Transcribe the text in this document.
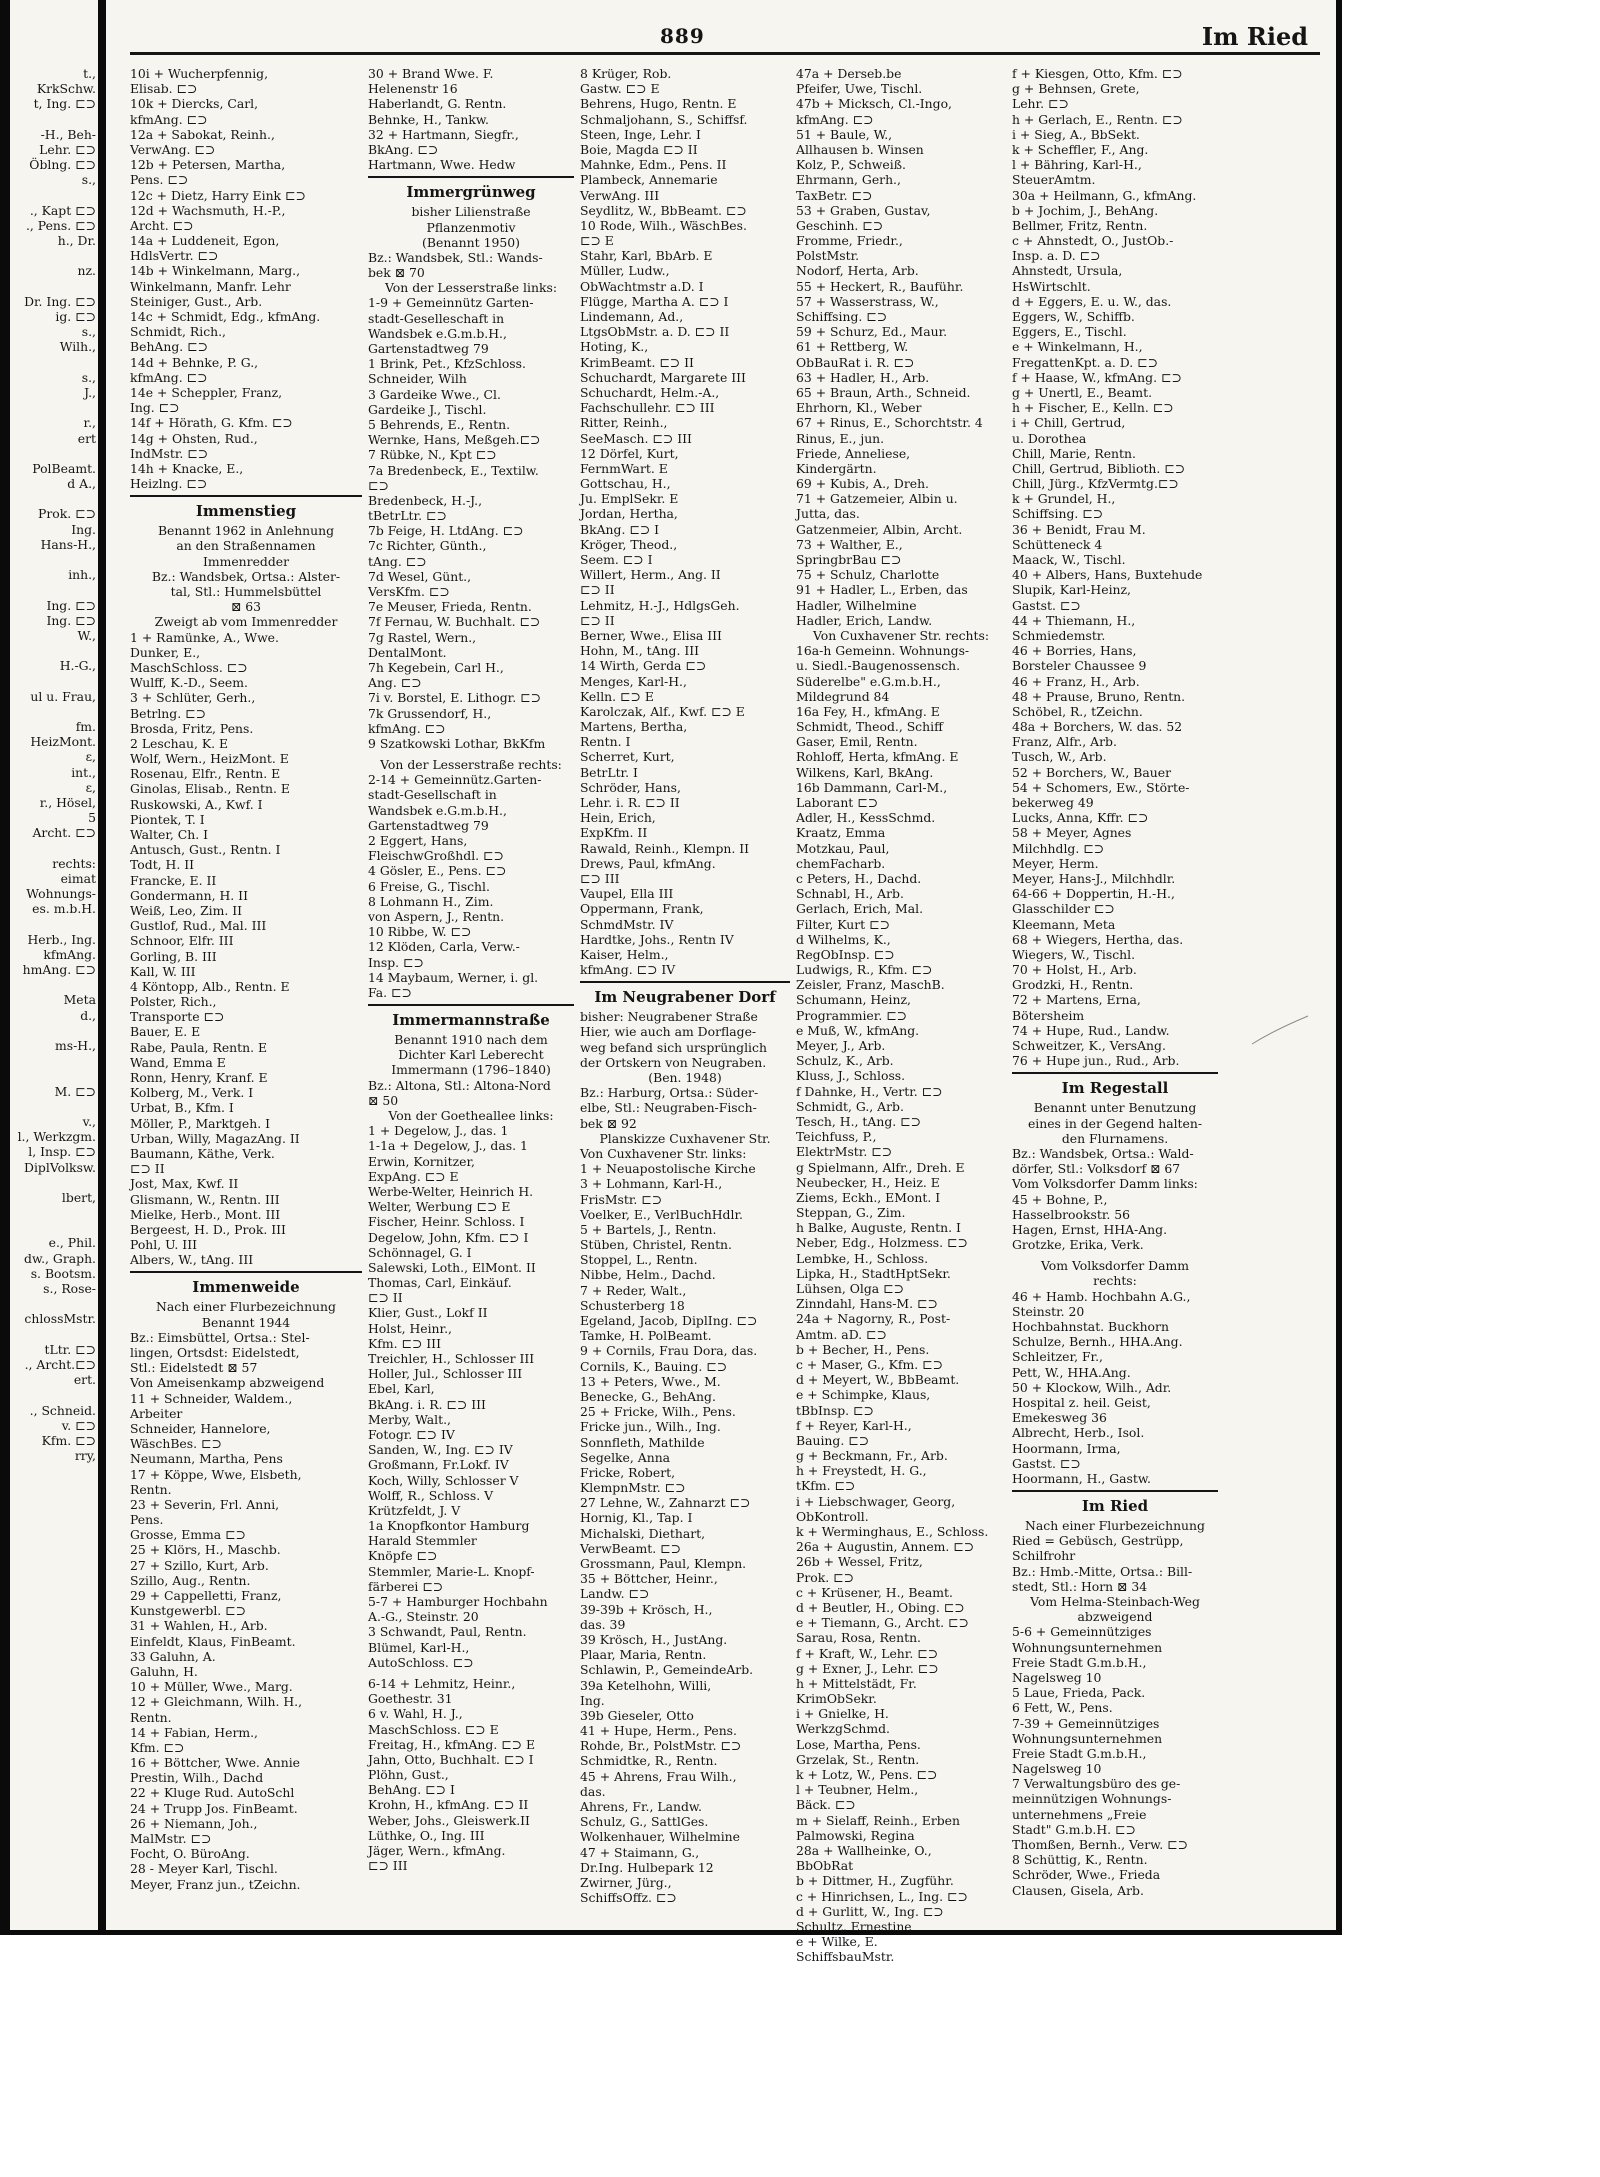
t.,
KrkSchw.
t, Ing. ⊏⊃
-H., Beh-
Lehr. ⊏⊃
Öblng. ⊏⊃
s.,
., Kapt ⊏⊃
., Pens. ⊏⊃
h., Dr.
nz.
Dr. Ing. ⊏⊃
ig. ⊏⊃
s.,
Wilh.,
s.,
J.,
r.,
ert
PolBeamt.
d A.,
Prok. ⊏⊃
Ing.
Hans-H.,
inh.,
Ing. ⊏⊃
Ing. ⊏⊃
W.,
H.-G.,
ul u. Frau,
fm.
HeizMont.
ɛ,
int.,
ɛ,
r., Hösel,
5
Archt. ⊏⊃
rechts:
eimat
Wohnungs-
es. m.b.H.
Herb., Ing.
kfmAng.
hmAng. ⊏⊃
Meta
d.,
ms-H.,
M. ⊏⊃
v.,
l., Werkzgm.
l, Insp. ⊏⊃
DiplVolksw.
lbert,
e., Phil.
dw., Graph.
s. Bootsm.
s., Rose-
chlossMstr.
tLtr. ⊏⊃
., Archt.⊏⊃
ert.
., Schneid.
v. ⊏⊃
Kfm. ⊏⊃
rry,
889	Im Ried
10i + Wucherpfennig,
Elisab. ⊏⊃
10k + Diercks, Carl,
kfmAng. ⊏⊃
12a + Sabokat, Reinh.,
VerwAng. ⊏⊃
12b + Petersen, Martha,
Pens. ⊏⊃
12c + Dietz, Harry Eink ⊏⊃
12d + Wachsmuth, H.-P.,
Archt. ⊏⊃
14a + Luddeneit, Egon,
HdlsVertr. ⊏⊃
14b + Winkelmann, Marg.,
Winkelmann, Manfr. Lehr
Steiniger, Gust., Arb.
14c + Schmidt, Edg., kfmAng.
Schmidt, Rich.,
BehAng. ⊏⊃
14d + Behnke, P. G.,
kfmAng. ⊏⊃
14e + Scheppler, Franz,
Ing. ⊏⊃
14f + Hörath, G. Kfm. ⊏⊃
14g + Ohsten, Rud.,
IndMstr. ⊏⊃
14h + Knacke, E.,
Heizlng. ⊏⊃
Immenstieg
Benannt 1962 in Anlehnung
an den Straßennamen
Immenredder
Bz.: Wandsbek, Ortsa.: Alster-
tal, Stl.: Hummelsbüttel
⊠ 63
Zweigt ab vom Immenredder
1 + Ramünke, A., Wwe.
Dunker, E.,
MaschSchloss. ⊏⊃
Wulff, K.-D., Seem.
3 + Schlüter, Gerh.,
Betrlng. ⊏⊃
Brosda, Fritz, Pens.
2 Leschau, K. E
Wolf, Wern., HeizMont. E
Rosenau, Elfr., Rentn. E
Ginolas, Elisab., Rentn. E
Ruskowski, A., Kwf. I
Piontek, T. I
Walter, Ch. I
Antusch, Gust., Rentn. I
Todt, H. II
Francke, E. II
Gondermann, H. II
Weiß, Leo, Zim. II
Gustlof, Rud., Mal. III
Schnoor, Elfr. III
Gorling, B. III
Kall, W. III
4 Köntopp, Alb., Rentn. E
Polster, Rich.,
Transporte ⊏⊃
Bauer, E. E
Rabe, Paula, Rentn. E
Wand, Emma E
Ronn, Henry, Kranf. E
Kolberg, M., Verk. I
Urbat, B., Kfm. I
Möller, P., Marktgeh. I
Urban, Willy, MagazAng. II
Baumann, Käthe, Verk.
⊏⊃ II
Jost, Max, Kwf. II
Glismann, W., Rentn. III
Mielke, Herb., Mont. III
Bergeest, H. D., Prok. III
Pohl, U. III
Albers, W., tAng. III
Immenweide
Nach einer Flurbezeichnung
Benannt 1944
Bz.: Eimsbüttel, Ortsa.: Stel-
lingen, Ortsdst: Eidelstedt,
Stl.: Eidelstedt ⊠ 57
Von Ameisenkamp abzweigend
11 + Schneider, Waldem.,
Arbeiter
Schneider, Hannelore,
WäschBes. ⊏⊃
Neumann, Martha, Pens
17 + Köppe, Wwe, Elsbeth,
Rentn.
23 + Severin, Frl. Anni,
Pens.
Grosse, Emma ⊏⊃
25 + Klörs, H., Maschb.
27 + Szillo, Kurt, Arb.
Szillo, Aug., Rentn.
29 + Cappelletti, Franz,
Kunstgewerbl. ⊏⊃
31 + Wahlen, H., Arb.
Einfeldt, Klaus, FinBeamt.
33 Galuhn, A.
Galuhn, H.
10 + Müller, Wwe., Marg.
12 + Gleichmann, Wilh. H.,
Rentn.
14 + Fabian, Herm.,
Kfm. ⊏⊃
16 + Böttcher, Wwe. Annie
Prestin, Wilh., Dachd
22 + Kluge Rud. AutoSchl
24 + Trupp Jos. FinBeamt.
26 + Niemann, Joh.,
MalMstr. ⊏⊃
Focht, O. BüroAng.
28 - Meyer Karl, Tischl.
Meyer, Franz jun., tZeichn.
30 + Brand Wwe. F.
Helenenstr 16
Haberlandt, G. Rentn.
Behnke, H., Tankw.
32 + Hartmann, Siegfr.,
BkAng. ⊏⊃
Hartmann, Wwe. Hedw
Immergrünweg
bisher Lilienstraße
Pflanzenmotiv
(Benannt 1950)
Bz.: Wandsbek, Stl.: Wands-
bek ⊠ 70
Von der Lesserstraße links:
1-9 + Gemeinnütz Garten-
stadt-Geselleschaft in
Wandsbek e.G.m.b.H.,
Gartenstadtweg 79
1 Brink, Pet., KfzSchloss.
Schneider, Wilh
3 Gardeike Wwe., Cl.
Gardeike J., Tischl.
5 Behrends, E., Rentn.
Wernke, Hans, Meßgeh.⊏⊃
7 Rübke, N., Kpt ⊏⊃
7a Bredenbeck, E., Textilw.
⊏⊃
Bredenbeck, H.-J.,
tBetrLtr. ⊏⊃
7b Feige, H. LtdAng. ⊏⊃
7c Richter, Günth.,
tAng. ⊏⊃
7d Wesel, Günt.,
VersKfm. ⊏⊃
7e Meuser, Frieda, Rentn.
7f Fernau, W. Buchhalt. ⊏⊃
7g Rastel, Wern.,
DentalMont.
7h Kegebein, Carl H.,
Ang. ⊏⊃
7i v. Borstel, E. Lithogr. ⊏⊃
7k Grussendorf, H.,
kfmAng. ⊏⊃
9 Szatkowski Lothar, BkKfm
Von der Lesserstraße rechts:
2-14 + Gemeinnütz.Garten-
stadt-Gesellschaft in
Wandsbek e.G.m.b.H.,
Gartenstadtweg 79
2 Eggert, Hans,
FleischwGroßhdl. ⊏⊃
4 Gösler, E., Pens. ⊏⊃
6 Freise, G., Tischl.
8 Lohmann H., Zim.
von Aspern, J., Rentn.
10 Ribbe, W. ⊏⊃
12 Klöden, Carla, Verw.-
Insp. ⊏⊃
14 Maybaum, Werner, i. gl.
Fa. ⊏⊃
Immermannstraße
Benannt 1910 nach dem
Dichter Karl Leberecht
Immermann (1796–1840)
Bz.: Altona, Stl.: Altona-Nord
⊠ 50
Von der Goetheallee links:
1 + Degelow, J., das. 1
1-1a + Degelow, J., das. 1
Erwin, Kornitzer,
ExpAng. ⊏⊃ E
Werbe-Welter, Heinrich H.
Welter, Werbung ⊏⊃ E
Fischer, Heinr. Schloss. I
Degelow, John, Kfm. ⊏⊃ I
Schönnagel, G. I
Salewski, Loth., ElMont. II
Thomas, Carl, Einkäuf.
⊏⊃ II
Klier, Gust., Lokf II
Holst, Heinr.,
Kfm. ⊏⊃ III
Treichler, H., Schlosser III
Holler, Jul., Schlosser III
Ebel, Karl,
BkAng. i. R. ⊏⊃ III
Merby, Walt.,
Fotogr. ⊏⊃ IV
Sanden, W., Ing. ⊏⊃ IV
Großmann, Fr.Lokf. IV
Koch, Willy, Schlosser V
Wolff, R., Schloss. V
Krützfeldt, J. V
1a Knopfkontor Hamburg
Harald Stemmler
Knöpfe ⊏⊃
Stemmler, Marie-L. Knopf-
färberei ⊏⊃
5-7 + Hamburger Hochbahn
A.-G., Steinstr. 20
3 Schwandt, Paul, Rentn.
Blümel, Karl-H.,
AutoSchloss. ⊏⊃
6-14 + Lehmitz, Heinr.,
Goethestr. 31
6 v. Wahl, H. J.,
MaschSchloss. ⊏⊃ E
Freitag, H., kfmAng. ⊏⊃ E
Jahn, Otto, Buchhalt. ⊏⊃ I
Plöhn, Gust.,
BehAng. ⊏⊃ I
Krohn, H., kfmAng. ⊏⊃ II
Weber, Johs., Gleiswerk.II
Lüthke, O., Ing. III
Jäger, Wern., kfmAng.
⊏⊃ III
8 Krüger, Rob.
Gastw. ⊏⊃ E
Behrens, Hugo, Rentn. E
Schmaljohann, S., Schiffsf.
Steen, Inge, Lehr. I
Boie, Magda ⊏⊃ II
Mahnke, Edm., Pens. II
Plambeck, Annemarie
VerwAng. III
Seydlitz, W., BbBeamt. ⊏⊃
10 Rode, Wilh., WäschBes.
⊏⊃ E
Stahr, Karl, BbArb. E
Müller, Ludw.,
ObWachtmstr a.D. I
Flügge, Martha A. ⊏⊃ I
Lindemann, Ad.,
LtgsObMstr. a. D. ⊏⊃ II
Hoting, K.,
KrimBeamt. ⊏⊃ II
Schuchardt, Margarete III
Schuchardt, Helm.-A.,
Fachschullehr. ⊏⊃ III
Ritter, Reinh.,
SeeMasch. ⊏⊃ III
12 Dörfel, Kurt,
FernmWart. E
Gottschau, H.,
Ju. EmplSekr. E
Jordan, Hertha,
BkAng. ⊏⊃ I
Kröger, Theod.,
Seem. ⊏⊃ I
Willert, Herm., Ang. II
⊏⊃ II
Lehmitz, H.-J., HdlgsGeh.
⊏⊃ II
Berner, Wwe., Elisa III
Hohn, M., tAng. III
14 Wirth, Gerda ⊏⊃
Menges, Karl-H.,
Kelln. ⊏⊃ E
Karolczak, Alf., Kwf. ⊏⊃ E
Martens, Bertha,
Rentn. I
Scherret, Kurt,
BetrLtr. I
Schröder, Hans,
Lehr. i. R. ⊏⊃ II
Hein, Erich,
ExpKfm. II
Rawald, Reinh., Klempn. II
Drews, Paul, kfmAng.
⊏⊃ III
Vaupel, Ella III
Oppermann, Frank,
SchmdMstr. IV
Hardtke, Johs., Rentn IV
Kaiser, Helm.,
kfmAng. ⊏⊃ IV
Im Neugrabener Dorf
bisher: Neugrabener Straße
Hier, wie auch am Dorflage-
weg befand sich ursprünglich
der Ortskern von Neugraben.
(Ben. 1948)
Bz.: Harburg, Ortsa.: Süder-
elbe, Stl.: Neugraben-Fisch-
bek ⊠ 92
Planskizze Cuxhavener Str.
Von Cuxhavener Str. links:
1 + Neuapostolische Kirche
3 + Lohmann, Karl-H.,
FrisMstr. ⊏⊃
Voelker, E., VerlBuchHdlr.
5 + Bartels, J., Rentn.
Stüben, Christel, Rentn.
Stoppel, L., Rentn.
Nibbe, Helm., Dachd.
7 + Reder, Walt.,
Schusterberg 18
Egeland, Jacob, DiplIng. ⊏⊃
Tamke, H. PolBeamt.
9 + Cornils, Frau Dora, das.
Cornils, K., Bauing. ⊏⊃
13 + Peters, Wwe., M.
Benecke, G., BehAng.
25 + Fricke, Wilh., Pens.
Fricke jun., Wilh., Ing.
Sonnfleth, Mathilde
Segelke, Anna
Fricke, Robert,
KlempnMstr. ⊏⊃
27 Lehne, W., Zahnarzt ⊏⊃
Hornig, Kl., Tap. I
Michalski, Diethart,
VerwBeamt. ⊏⊃
Grossmann, Paul, Klempn.
35 + Böttcher, Heinr.,
Landw. ⊏⊃
39-39b + Krösch, H.,
das. 39
39 Krösch, H., JustAng.
Plaar, Maria, Rentn.
Schlawin, P., GemeindeArb.
39a Ketelhohn, Willi,
Ing.
39b Gieseler, Otto
41 + Hupe, Herm., Pens.
Rohde, Br., PolstMstr. ⊏⊃
Schmidtke, R., Rentn.
45 + Ahrens, Frau Wilh.,
das.
Ahrens, Fr., Landw.
Schulz, G., SattlGes.
Wolkenhauer, Wilhelmine
47 + Staimann, G.,
Dr.Ing. Hulbepark 12
Zwirner, Jürg.,
SchiffsOffz. ⊏⊃
47a + Derseb.be
Pfeifer, Uwe, Tischl.
47b + Micksch, Cl.-Ingo,
kfmAng. ⊏⊃
51 + Baule, W.,
Allhausen b. Winsen
Kolz, P., Schweiß.
Ehrmann, Gerh.,
TaxBetr. ⊏⊃
53 + Graben, Gustav,
Geschinh. ⊏⊃
Fromme, Friedr.,
PolstMstr.
Nodorf, Herta, Arb.
55 + Heckert, R., Bauführ.
57 + Wasserstrass, W.,
Schiffsing. ⊏⊃
59 + Schurz, Ed., Maur.
61 + Rettberg, W.
ObBauRat i. R. ⊏⊃
63 + Hadler, H., Arb.
65 + Braun, Arth., Schneid.
Ehrhorn, Kl., Weber
67 + Rinus, E., Schorchtstr. 4
Rinus, E., jun.
Friede, Anneliese,
Kindergärtn.
69 + Kubis, A., Dreh.
71 + Gatzemeier, Albin u.
Jutta, das.
Gatzenmeier, Albin, Archt.
73 + Walther, E.,
SpringbrBau ⊏⊃
75 + Schulz, Charlotte
91 + Hadler, L., Erben, das
Hadler, Wilhelmine
Hadler, Erich, Landw.
Von Cuxhavener Str. rechts:
16a-h Gemeinn. Wohnungs-
u. Siedl.-Baugenossensch.
Süderelbe" e.G.m.b.H.,
Mildegrund 84
16a Fey, H., kfmAng. E
Schmidt, Theod., Schiff
Gaser, Emil, Rentn.
Rohloff, Herta, kfmAng. E
Wilkens, Karl, BkAng.
16b Dammann, Carl-M.,
Laborant ⊏⊃
Adler, H., KessSchmd.
Kraatz, Emma
Motzkau, Paul,
chemFacharb.
c Peters, H., Dachd.
Schnabl, H., Arb.
Gerlach, Erich, Mal.
Filter, Kurt ⊏⊃
d Wilhelms, K.,
RegObInsp. ⊏⊃
Ludwigs, R., Kfm. ⊏⊃
Zeisler, Franz, MaschB.
Schumann, Heinz,
Programmier. ⊏⊃
e Muß, W., kfmAng.
Meyer, J., Arb.
Schulz, K., Arb.
Kluss, J., Schloss.
f Dahnke, H., Vertr. ⊏⊃
Schmidt, G., Arb.
Tesch, H., tAng. ⊏⊃
Teichfuss, P.,
ElektrMstr. ⊏⊃
g Spielmann, Alfr., Dreh. E
Neubecker, H., Heiz. E
Ziems, Eckh., EMont. I
Steppan, G., Zim.
h Balke, Auguste, Rentn. I
Neber, Edg., Holzmess. ⊏⊃
Lembke, H., Schloss.
Lipka, H., StadtHptSekr.
Lühsen, Olga ⊏⊃
Zinndahl, Hans-M. ⊏⊃
24a + Nagorny, R., Post-
Amtm. aD. ⊏⊃
b + Becher, H., Pens.
c + Maser, G., Kfm. ⊏⊃
d + Meyert, W., BbBeamt.
e + Schimpke, Klaus,
tBbInsp. ⊏⊃
f + Reyer, Karl-H.,
Bauing. ⊏⊃
g + Beckmann, Fr., Arb.
h + Freystedt, H. G.,
tKfm. ⊏⊃
i + Liebschwager, Georg,
ObKontroll.
k + Werminghaus, E., Schloss.
26a + Augustin, Annem. ⊏⊃
26b + Wessel, Fritz,
Prok. ⊏⊃
c + Krüsener, H., Beamt.
d + Beutler, H., Obing. ⊏⊃
e + Tiemann, G., Archt. ⊏⊃
Sarau, Rosa, Rentn.
f + Kraft, W., Lehr. ⊏⊃
g + Exner, J., Lehr. ⊏⊃
h + Mittelstädt, Fr.
KrimObSekr.
i + Gnielke, H.
WerkzgSchmd.
Lose, Martha, Pens.
Grzelak, St., Rentn.
k + Lotz, W., Pens. ⊏⊃
l + Teubner, Helm.,
Bäck. ⊏⊃
m + Sielaff, Reinh., Erben
Palmowski, Regina
28a + Wallheinke, O.,
BbObRat
b + Dittmer, H., Zugführ.
c + Hinrichsen, L., Ing. ⊏⊃
d + Gurlitt, W., Ing. ⊏⊃
Schultz, Ernestine
e + Wilke, E.
SchiffsbauMstr.
f + Kiesgen, Otto, Kfm. ⊏⊃
g + Behnsen, Grete,
Lehr. ⊏⊃
h + Gerlach, E., Rentn. ⊏⊃
i + Sieg, A., BbSekt.
k + Scheffler, F., Ang.
l + Bähring, Karl-H.,
SteuerAmtm.
30a + Heilmann, G., kfmAng.
b + Jochim, J., BehAng.
Bellmer, Fritz, Rentn.
c + Ahnstedt, O., JustOb.-
Insp. a. D. ⊏⊃
Ahnstedt, Ursula,
HsWirtschlt.
d + Eggers, E. u. W., das.
Eggers, W., Schiffb.
Eggers, E., Tischl.
e + Winkelmann, H.,
FregattenKpt. a. D. ⊏⊃
f + Haase, W., kfmAng. ⊏⊃
g + Unertl, E., Beamt.
h + Fischer, E., Kelln. ⊏⊃
i + Chill, Gertrud,
u. Dorothea
Chill, Marie, Rentn.
Chill, Gertrud, Biblioth. ⊏⊃
Chill, Jürg., KfzVermtg.⊏⊃
k + Grundel, H.,
Schiffsing. ⊏⊃
36 + Benidt, Frau M.
Schütteneck 4
Maack, W., Tischl.
40 + Albers, Hans, Buxtehude
Slupik, Karl-Heinz,
Gastst. ⊏⊃
44 + Thiemann, H.,
Schmiedemstr.
46 + Borries, Hans,
Borsteler Chaussee 9
46 + Franz, H., Arb.
48 + Prause, Bruno, Rentn.
Schöbel, R., tZeichn.
48a + Borchers, W. das. 52
Franz, Alfr., Arb.
Tusch, W., Arb.
52 + Borchers, W., Bauer
54 + Schomers, Ew., Störte-
bekerweg 49
Lucks, Anna, Kffr. ⊏⊃
58 + Meyer, Agnes
Milchhdlg. ⊏⊃
Meyer, Herm.
Meyer, Hans-J., Milchhdlr.
64-66 + Doppertin, H.-H.,
Glasschilder ⊏⊃
Kleemann, Meta
68 + Wiegers, Hertha, das.
Wiegers, W., Tischl.
70 + Holst, H., Arb.
Grodzki, H., Rentn.
72 + Martens, Erna,
Bötersheim
74 + Hupe, Rud., Landw.
Schweitzer, K., VersAng.
76 + Hupe jun., Rud., Arb.
Im Regestall
Benannt unter Benutzung
eines in der Gegend halten-
den Flurnamens.
Bz.: Wandsbek, Ortsa.: Wald-
dörfer, Stl.: Volksdorf ⊠ 67
Vom Volksdorfer Damm links:
45 + Bohne, P.,
Hasselbrookstr. 56
Hagen, Ernst, HHA-Ang.
Grotzke, Erika, Verk.
Vom Volksdorfer Damm
rechts:
46 + Hamb. Hochbahn A.G.,
Steinstr. 20
Hochbahnstat. Buckhorn
Schulze, Bernh., HHA.Ang.
Schleitzer, Fr.,
Pett, W., HHA.Ang.
50 + Klockow, Wilh., Adr.
Hospital z. heil. Geist,
Emekesweg 36
Albrecht, Herb., Isol.
Hoormann, Irma,
Gastst. ⊏⊃
Hoormann, H., Gastw.
Im Ried
Nach einer Flurbezeichnung
Ried = Gebüsch, Gestrüpp,
Schilfrohr
Bz.: Hmb.-Mitte, Ortsa.: Bill-
stedt, Stl.: Horn ⊠ 34
Vom Helma-Steinbach-Weg
abzweigend
5-6 + Gemeinnütziges
Wohnungsunternehmen
Freie Stadt G.m.b.H.,
Nagelsweg 10
5 Laue, Frieda, Pack.
6 Fett, W., Pens.
7-39 + Gemeinnütziges
Wohnungsunternehmen
Freie Stadt G.m.b.H.,
Nagelsweg 10
7 Verwaltungsbüro des ge-
meinnützigen Wohnungs-
unternehmens „Freie
Stadt" G.m.b.H. ⊏⊃
Thomßen, Bernh., Verw. ⊏⊃
8 Schüttig, K., Rentn.
Schröder, Wwe., Frieda
Clausen, Gisela, Arb.
